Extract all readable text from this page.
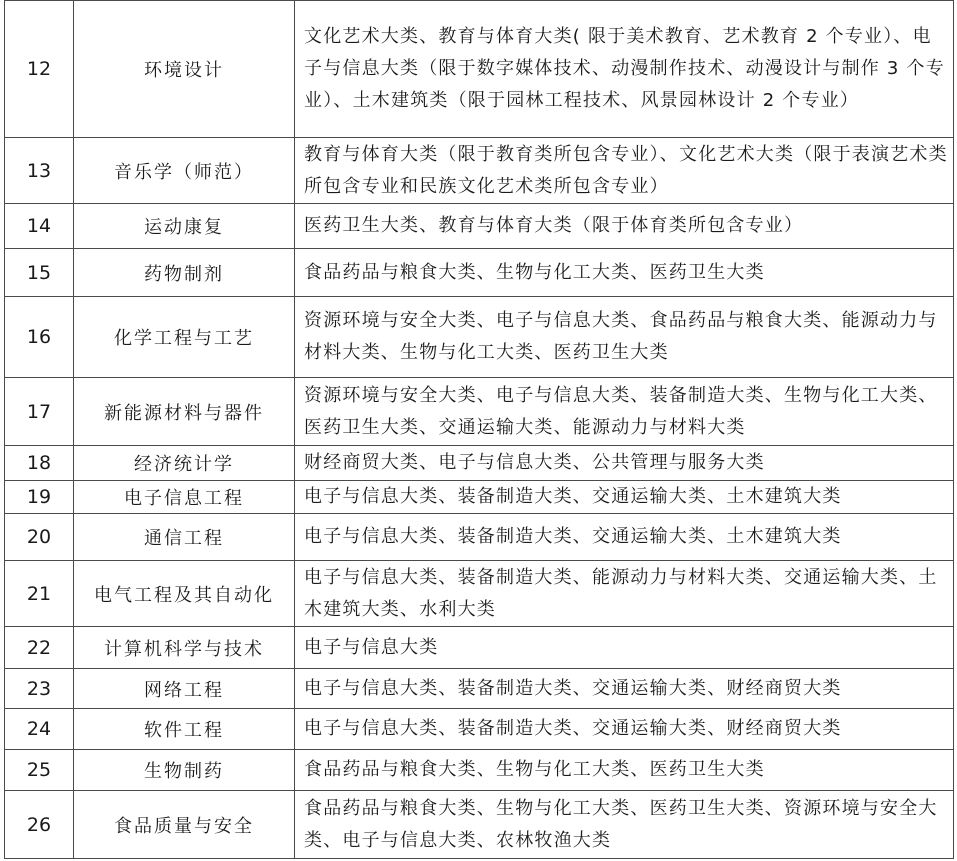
12	环境设计	文化艺术大类、教育与体育大类( 限于美术教育、艺术教育 2 个专业）、电子与信息大类（限于数字媒体技术、动漫制作技术、动漫设计与制作 3 个专业）、土木建筑类（限于园林工程技术、风景园林设计 2 个专业）
13	音乐学（师范）	教育与体育大类（限于教育类所包含专业）、文化艺术大类（限于表演艺术类所包含专业和民族文化艺术类所包含专业）
14	运动康复	医药卫生大类、教育与体育大类（限于体育类所包含专业）
15	药物制剂	食品药品与粮食大类、生物与化工大类、医药卫生大类
16	化学工程与工艺	资源环境与安全大类、电子与信息大类、食品药品与粮食大类、能源动力与材料大类、生物与化工大类、医药卫生大类
17	新能源材料与器件	资源环境与安全大类、电子与信息大类、装备制造大类、生物与化工大类、医药卫生大类、交通运输大类、能源动力与材料大类
18	经济统计学	财经商贸大类、电子与信息大类、公共管理与服务大类
19	电子信息工程	电子与信息大类、装备制造大类、交通运输大类、土木建筑大类
20	通信工程	电子与信息大类、装备制造大类、交通运输大类、土木建筑大类
21	电气工程及其自动化	电子与信息大类、装备制造大类、能源动力与材料大类、交通运输大类、土木建筑大类、水利大类
22	计算机科学与技术	电子与信息大类
23	网络工程	电子与信息大类、装备制造大类、交通运输大类、财经商贸大类
24	软件工程	电子与信息大类、装备制造大类、交通运输大类、财经商贸大类
25	生物制药	食品药品与粮食大类、生物与化工大类、医药卫生大类
26	食品质量与安全	食品药品与粮食大类、生物与化工大类、医药卫生大类、资源环境与安全大类、电子与信息大类、农林牧渔大类
